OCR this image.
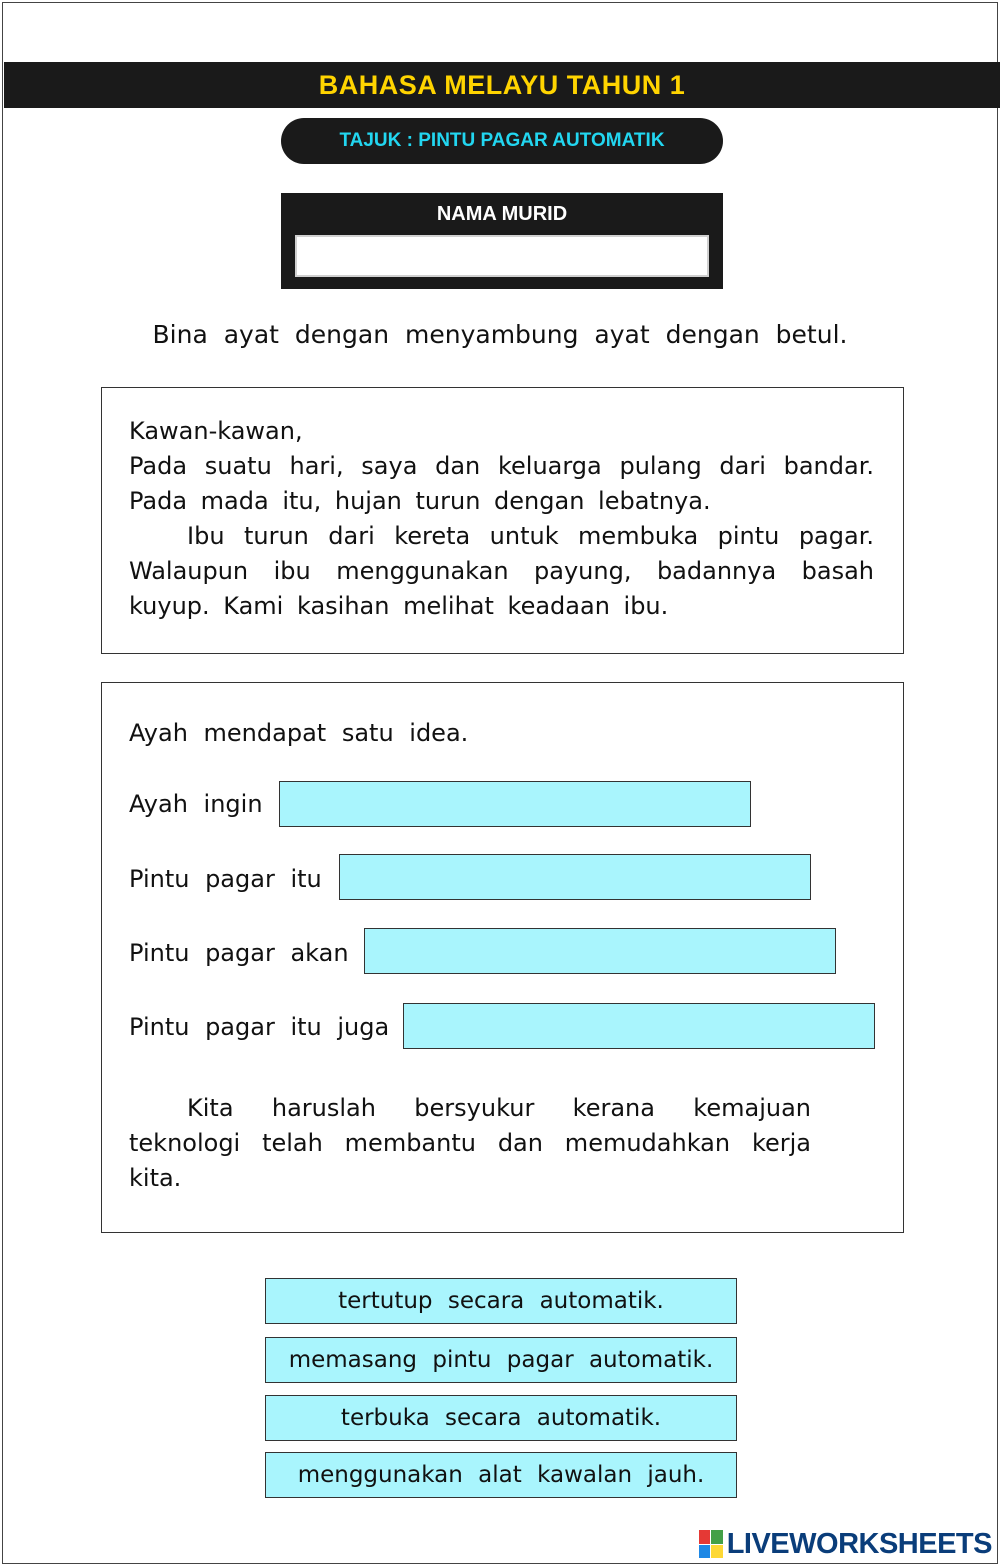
BAHASA MELAYU TAHUN 1
TAJUK : PINTU PAGAR AUTOMATIK
NAMA MURID
Bina ayat dengan menyambung ayat dengan betul.

Kawan-kawan,

Pada suatu hari, saya dan keluarga pulang dari bandar. Pada mada itu, hujan turun dengan lebatnya.

Ibu turun dari kereta untuk membuka pintu pagar. Walaupun ibu menggunakan payung, badannya basah kuyup. Kami kasihan melihat keadaan ibu.

Ayah mendapat satu idea.
Ayah ingin
Pintu pagar itu
Pintu pagar akan
Pintu pagar itu juga

Kita haruslah bersyukur kerana kemajuan teknologi telah membantu dan memudahkan kerja kita.

tertutup secara automatik.
memasang pintu pagar automatik.
terbuka secara automatik.
menggunakan alat kawalan jauh.
LIVEWORKSHEETS
